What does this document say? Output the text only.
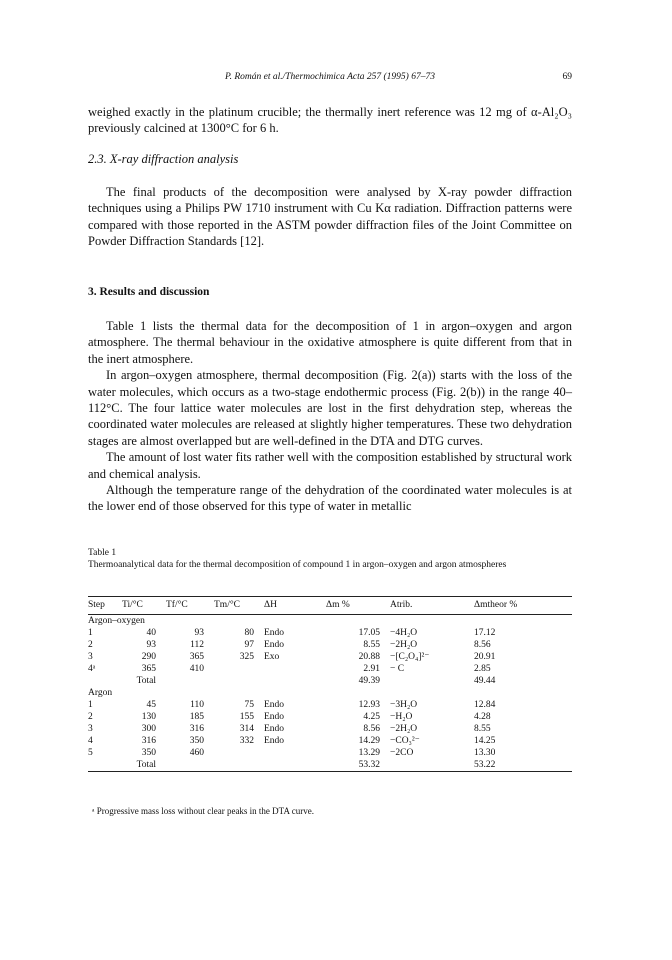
P. Román et al./Thermochimica Acta 257 (1995) 67–73	69

weighed exactly in the platinum crucible; the thermally inert reference was 12 mg of α-Al₂O₃ previously calcined at 1300°C for 6 h.

2.3. X-ray diffraction analysis

The final products of the decomposition were analysed by X-ray powder diffraction techniques using a Philips PW 1710 instrument with Cu Kα radiation. Diffraction patterns were compared with those reported in the ASTM powder diffraction files of the Joint Committee on Powder Diffraction Standards [12].

3. Results and discussion

Table 1 lists the thermal data for the decomposition of 1 in argon–oxygen and argon atmosphere. The thermal behaviour in the oxidative atmosphere is quite different from that in the inert atmosphere.

In argon–oxygen atmosphere, thermal decomposition (Fig. 2(a)) starts with the loss of the water molecules, which occurs as a two-stage endothermic process (Fig. 2(b)) in the range 40–112°C. The four lattice water molecules are lost in the first dehydration step, whereas the coordinated water molecules are released at slightly higher temperatures. These two dehydration stages are almost overlapped but are well-defined in the DTA and DTG curves.

The amount of lost water fits rather well with the composition established by structural work and chemical analysis.

Although the temperature range of the dehydration of the coordinated water molecules is at the lower end of those observed for this type of water in metallic

Table 1
Thermoanalytical data for the thermal decomposition of compound 1 in argon–oxygen and argon atmospheres
Step	Ti/°C	Tf/°C	Tm/°C	ΔH	Δm %	Atrib.	Δmtheor %
Argon–oxygen							
1	40	93	80	Endo	17.05	−4H₂O	17.12
2	93	112	97	Endo	8.55	−2H₂O	8.56
3	290	365	325	Exo	20.88	−[C₂O₄]²⁻	20.91
4ᵃ	365	410			2.91	− C	2.85
	Total				49.39		49.44
Argon							
1	45	110	75	Endo	12.93	−3H₂O	12.84
2	130	185	155	Endo	4.25	−H₂O	4.28
3	300	316	314	Endo	8.56	−2H₂O	8.55
4	316	350	332	Endo	14.29	−CO₃²⁻	14.25
5	350	460			13.29	−2CO	13.30
	Total				53.32		53.22
ᵃ Progressive mass loss without clear peaks in the DTA curve.
